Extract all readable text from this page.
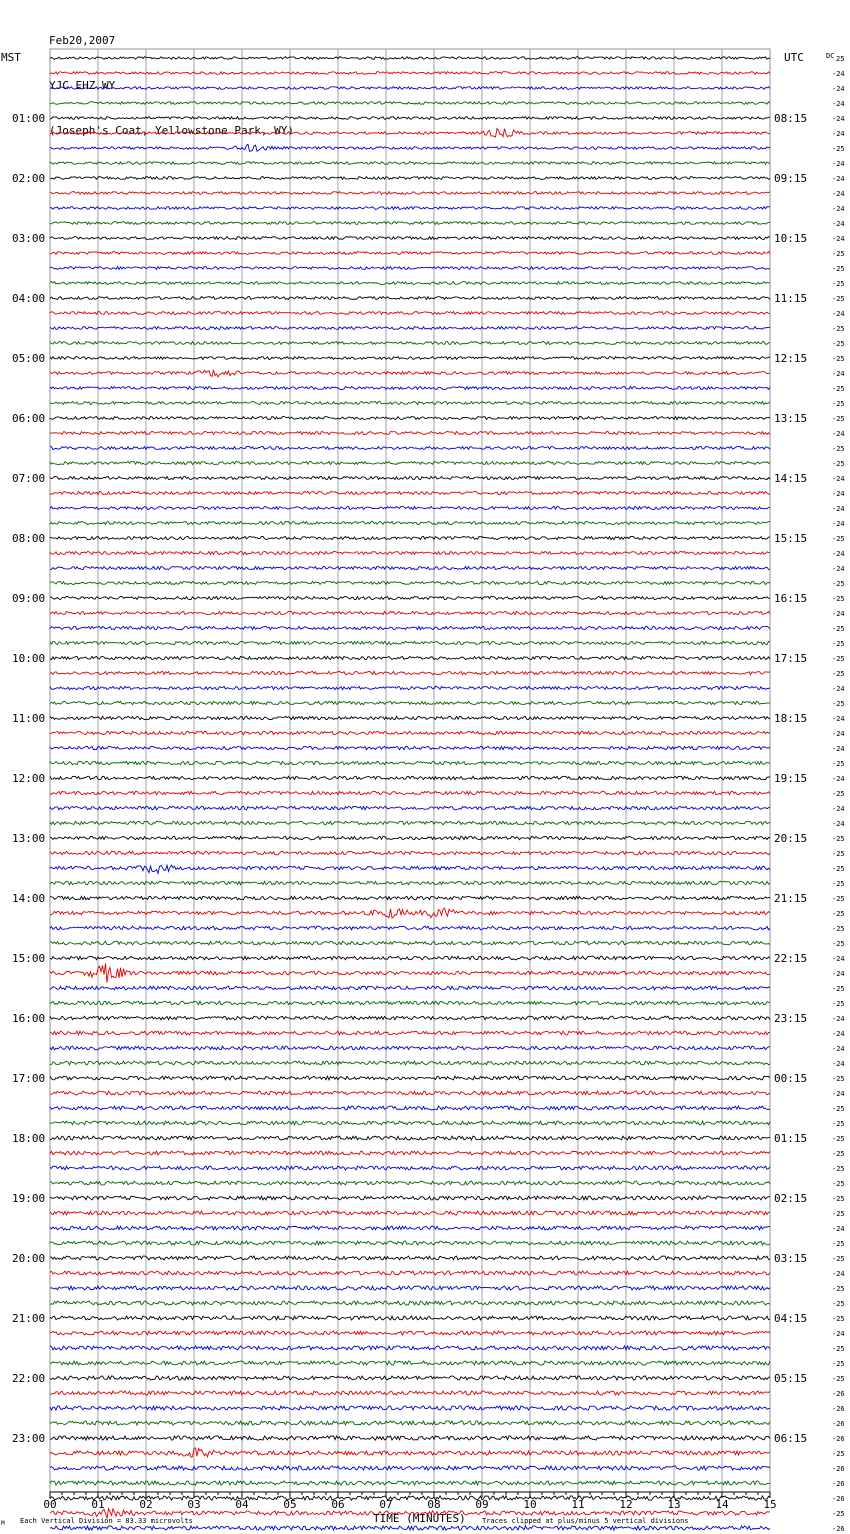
Feb20,2007

YJC EHZ WY

(Joseph's Coat, Yellowstone Park, WY)

MST	UTC	DC 25
TIME (MINUTES)
Each Vertical Division = 83.33 microvolts	Traces clipped at plus/minus 5 vertical divisions
M
01:00	08:15
02:00	09:15
03:00	10:15
04:00	11:15
05:00	12:15
06:00	13:15
07:00	14:15
08:00	15:15
09:00	16:15
10:00	17:15
11:00	18:15
12:00	19:15
13:00	20:15
14:00	21:15
15:00	22:15
16:00	23:15
17:00	00:15
18:00	01:15
19:00	02:15
20:00	03:15
21:00	04:15
22:00	05:15
23:00	06:15
-24
-24
-24
-24
-24
-25
-24
-24
-24
-24
-24
-24
-25
-25
-25
-25
-24
-25
-25
-25
-24
-25
-25
-25
-24
-25
-25
-24
-24
-24
-24
-25
-24
-24
-25
-25
-24
-25
-25
-25
-25
-24
-25
-24
-24
-24
-25
-24
-25
-24
-24
-25
-25
-25
-25
-25
-25
-25
-25
-24
-24
-25
-25
-24
-24
-24
-24
-25
-24
-25
-25
-25
-25
-25
-25
-25
-25
-24
-25
-25
-24
-25
-25
-25
-24
-25
-25
-25
-26
-26
-26
-26
-25
-26
-26
-26
-25
-26
00	01	02	03	04	05	06	07	08	09	10	11	12	13	14	15
